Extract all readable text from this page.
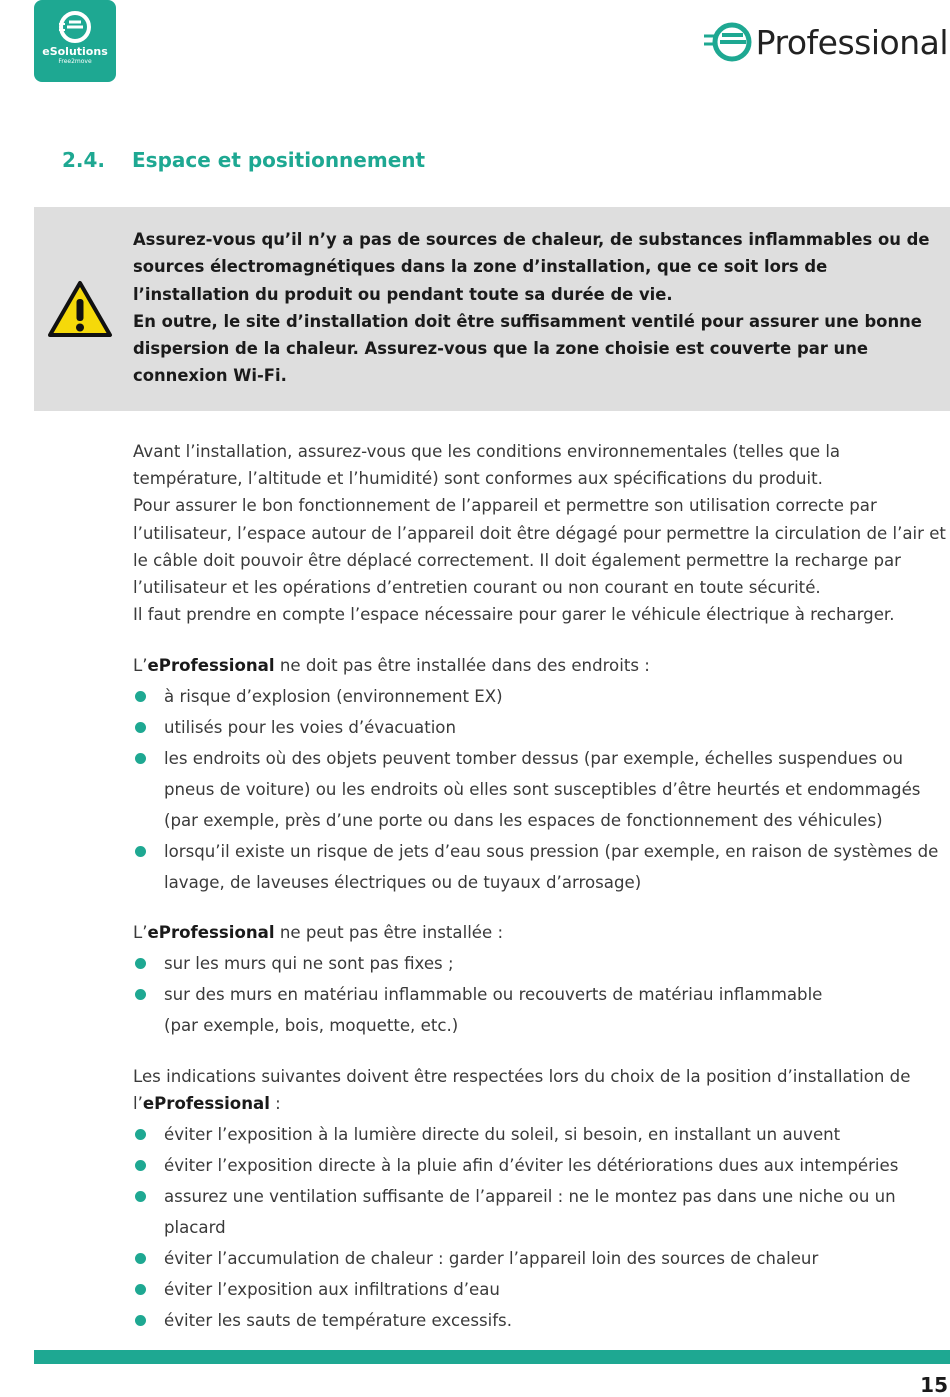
eSolutions
Free2move	Professional
2.4.	Espace et positionnement

Assurez-vous qu’il n’y a pas de sources de chaleur, de substances inflammables ou de sources électromagnétiques dans la zone d’installation, que ce soit lors de l’installation du produit ou pendant toute sa durée de vie.

En outre, le site d’installation doit être suffisamment ventilé pour assurer une bonne dispersion de la chaleur. Assurez-vous que la zone choisie est couverte par une connexion Wi-Fi.

Avant l’installation, assurez-vous que les conditions environnementales (telles que la température, l’altitude et l’humidité) sont conformes aux spécifications du produit.

Pour assurer le bon fonctionnement de l’appareil et permettre son utilisation correcte par l’utilisateur, l’espace autour de l’appareil doit être dégagé pour permettre la circulation de l’air et le câble doit pouvoir être déplacé correctement. Il doit également permettre la recharge par l’utilisateur et les opérations d’entretien courant ou non courant en toute sécurité.

Il faut prendre en compte l’espace nécessaire pour garer le véhicule électrique à recharger.

L’eProfessional ne doit pas être installée dans des endroits :

à risque d’explosion (environnement EX)
utilisés pour les voies d’évacuation
les endroits où des objets peuvent tomber dessus (par exemple, échelles suspendues ou pneus de voiture) ou les endroits où elles sont susceptibles d’être heurtés et endommagés (par exemple, près d’une porte ou dans les espaces de fonctionnement des véhicules)
lorsqu’il existe un risque de jets d’eau sous pression (par exemple, en raison de systèmes de lavage, de laveuses électriques ou de tuyaux d’arrosage)

L’eProfessional ne peut pas être installée :

sur les murs qui ne sont pas fixes ;
sur des murs en matériau inflammable ou recouverts de matériau inflammable (par exemple, bois, moquette, etc.)

Les indications suivantes doivent être respectées lors du choix de la position d’installation de l’eProfessional :

éviter l’exposition à la lumière directe du soleil, si besoin, en installant un auvent
éviter l’exposition directe à la pluie afin d’éviter les détériorations dues aux intempéries
assurez une ventilation suffisante de l’appareil : ne le montez pas dans une niche ou un placard
éviter l’accumulation de chaleur : garder l’appareil loin des sources de chaleur
éviter l’exposition aux infiltrations d’eau
éviter les sauts de température excessifs.
15
